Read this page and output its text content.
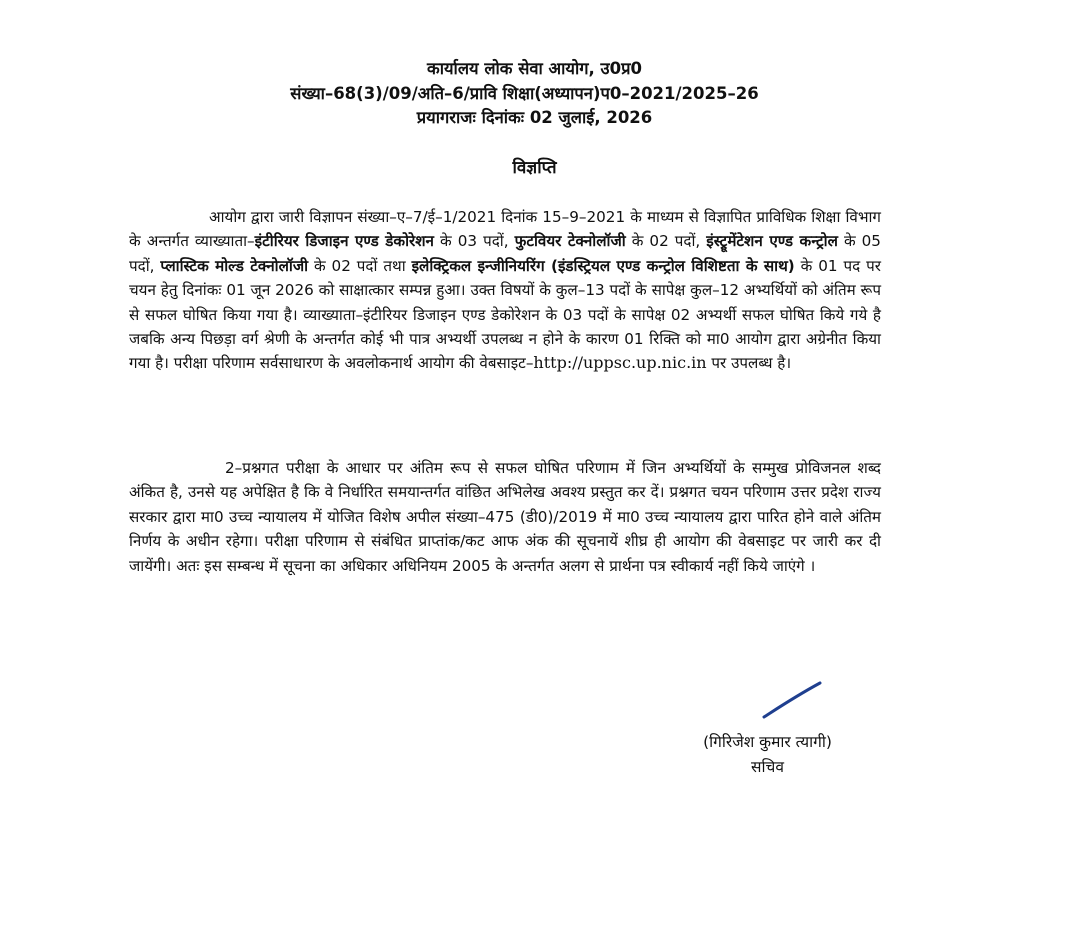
कार्यालय लोक सेवा आयोग, उ0प्र0
संख्या–68(3)/09/अति–6/प्रावि शिक्षा(अध्यापन)प0–2021/2025–26
प्रयागराजः दिनांकः 02 जुलाई, 2026
विज्ञप्ति

आयोग द्वारा जारी विज्ञापन संख्या–ए–7/ई–1/2021 दिनांक 15–9–2021 के माध्यम से विज्ञापित प्राविधिक शिक्षा विभाग के अन्तर्गत व्याख्याता–इंटीरियर डिजाइन एण्ड डेकोरेशन के 03 पदों, फुटवियर टेक्नोलॉजी के 02 पदों, इंस्ट्रूमेंटेशन एण्ड कन्ट्रोल के 05 पदों, प्लास्टिक मोल्ड टेक्नोलॉजी के 02 पदों तथा इलेक्ट्रिकल इन्जीनियरिंग (इंडस्ट्रियल एण्ड कन्ट्रोल विशिष्टता के साथ) के 01 पद पर चयन हेतु दिनांकः 01 जून 2026 को साक्षात्कार सम्पन्न हुआ। उक्त विषयों के कुल–13 पदों के सापेक्ष कुल–12 अभ्यर्थियों को अंतिम रूप से सफल घोषित किया गया है। व्याख्याता–इंटीरियर डिजाइन एण्ड डेकोरेशन के 03 पदों के सापेक्ष 02 अभ्यर्थी सफल घोषित किये गये है जबकि अन्य पिछड़ा वर्ग श्रेणी के अन्तर्गत कोई भी पात्र अभ्यर्थी उपलब्ध न होने के कारण 01 रिक्ति को मा0 आयोग द्वारा अग्रेनीत किया गया है। परीक्षा परिणाम सर्वसाधारण के अवलोकनार्थ आयोग की वेबसाइट–http://uppsc.up.nic.in पर उपलब्ध है।

2–प्रश्नगत परीक्षा के आधार पर अंतिम रूप से सफल घोषित परिणाम में जिन अभ्यर्थियों के सम्मुख प्रोविजनल शब्द अंकित है, उनसे यह अपेक्षित है कि वे निर्धारित समयान्तर्गत वांछित अभिलेख अवश्य प्रस्तुत कर दें। प्रश्नगत चयन परिणाम उत्तर प्रदेश राज्य सरकार द्वारा मा0 उच्च न्यायालय में योजित विशेष अपील संख्या–475 (डी0)/2019 में मा0 उच्च न्यायालय द्वारा पारित होने वाले अंतिम निर्णय के अधीन रहेगा। परीक्षा परिणाम से संबंधित प्राप्तांक/कट आफ अंक की सूचनायें शीघ्र ही आयोग की वेबसाइट पर जारी कर दी जायेंगी। अतः इस सम्बन्ध में सूचना का अधिकार अधिनियम 2005 के अन्तर्गत अलग से प्रार्थना पत्र स्वीकार्य नहीं किये जाएंगे ।

(गिरिजेश कुमार त्यागी)
सचिव
